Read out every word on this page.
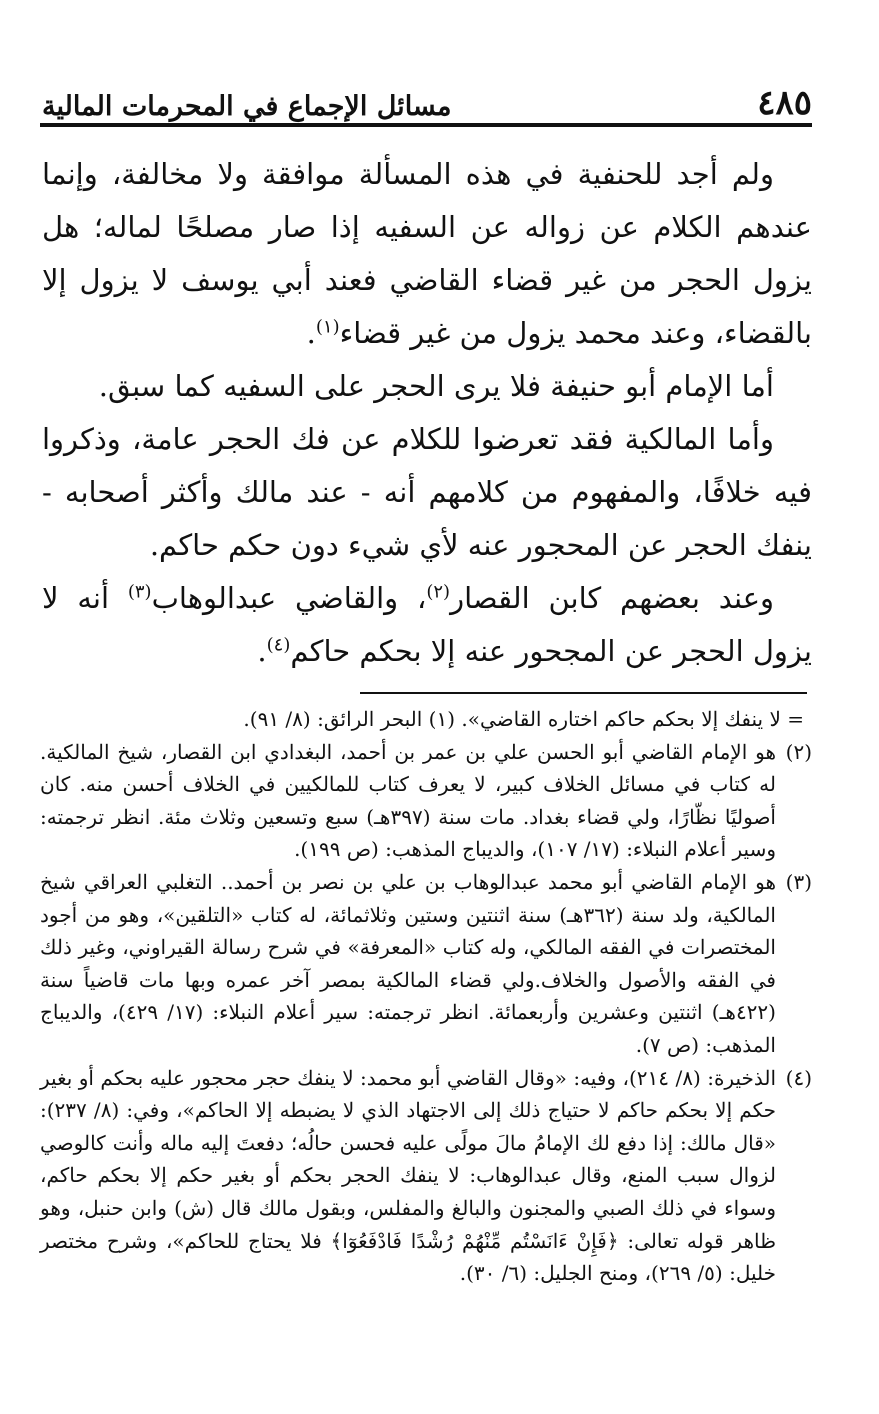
٤٨٥
مسائل الإجماع في المحرمات المالية

ولم أجد للحنفية في هذه المسألة موافقة ولا مخالفة، وإنما عندهم الكلام عن زواله عن السفيه إذا صار مصلحًا لماله؛ هل يزول الحجر من غير قضاء القاضي فعند أبي يوسف لا يزول إلا بالقضاء، وعند محمد يزول من غير قضاء$^{(١)}$.

أما الإمام أبو حنيفة فلا يرى الحجر على السفيه كما سبق.

وأما المالكية فقد تعرضوا للكلام عن فك الحجر عامة، وذكروا فيه خلافًا، والمفهوم من كلامهم أنه - عند مالك وأكثر أصحابه - ينفك الحجر عن المحجور عنه لأي شيء دون حكم حاكم.

وعند بعضهم كابن القصار$^{(٢)}$، والقاضي عبدالوهاب$^{(٣)}$ أنه لا يزول الحجر عن المجحور عنه إلا بحكم حاكم$^{(٤)}$.

= لا ينفك إلا بحكم حاكم اختاره القاضي». (١) البحر الرائق: (٨/ ٩١).

(٢)
هو الإمام القاضي أبو الحسن علي بن عمر بن أحمد، البغدادي ابن القصار، شيخ المالكية. له كتاب في مسائل الخلاف كبير، لا يعرف كتاب للمالكيين في الخلاف أحسن منه. كان أصوليًا نظّارًا، ولي قضاء بغداد. مات سنة (٣٩٧هـ) سبع وتسعين وثلاث مئة. انظر ترجمته: وسير أعلام النبلاء: (١٧/ ١٠٧)، والديباج المذهب: (ص ١٩٩).
(٣)
هو الإمام القاضي أبو محمد عبدالوهاب بن علي بن نصر بن أحمد.. التغلبي العراقي شيخ المالكية، ولد سنة (٣٦٢هـ) سنة اثنتين وستين وثلاثمائة، له كتاب «التلقين»، وهو من أجود المختصرات في الفقه المالكي، وله كتاب «المعرفة» في شرح رسالة القيراوني، وغير ذلك في الفقه والأصول والخلاف.ولي قضاء المالكية بمصر آخر عمره وبها مات قاضياً سنة (٤٢٢هـ) اثنتين وعشرين وأربعمائة. انظر ترجمته: سير أعلام النبلاء: (١٧/ ٤٢٩)، والديباج المذهب: (ص ٧).
(٤)
الذخيرة: (٨/ ٢١٤)، وفيه: «وقال القاضي أبو محمد: لا ينفك حجر محجور عليه بحكم أو بغير حكم إلا بحكم حاكم لا حتياج ذلك إلى الاجتهاد الذي لا يضبطه إلا الحاكم»، وفي: (٨/ ٢٣٧): «قال مالك: إذا دفع لك الإمامُ مالَ مولًى عليه فحسن حالُه؛ دفعتَ إليه ماله وأنت كالوصي لزوال سبب المنع، وقال عبدالوهاب: لا ينفك الحجر بحكم أو بغير حكم إلا بحكم حاكم، وسواء في ذلك الصبي والمجنون والبالغ والمفلس، وبقول مالك قال (ش) وابن حنبل، وهو ظاهر قوله تعالى: ﴿فَإِنْ ءَانَسْتُم مِّنْهُمْ رُشْدًا فَادْفَعُوٓا﴾ فلا يحتاج للحاكم»، وشرح مختصر خليل: (٥/ ٢٦٩)، ومنح الجليل: (٦/ ٣٠).
